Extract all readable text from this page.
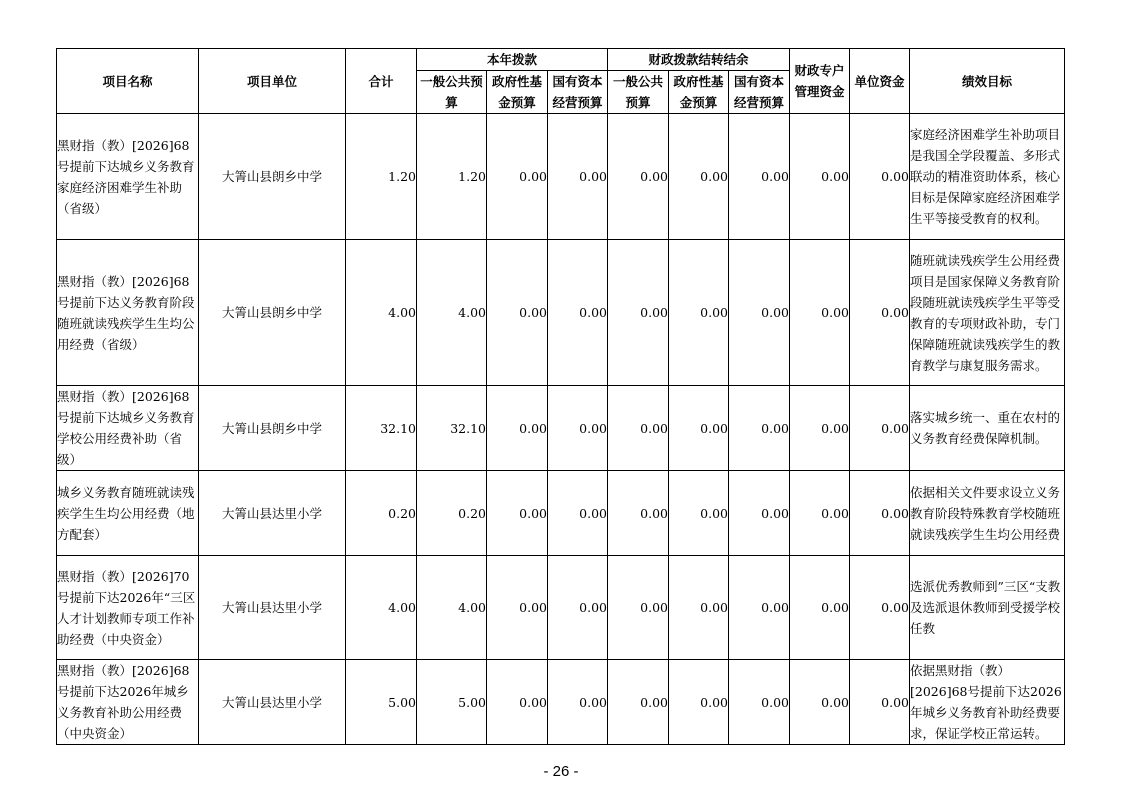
项目名称	项目单位	合计	本年拨款			财政拨款结转结余			财政专户管理资金	单位资金	绩效目标
			一般公共预算	政府性基金预算	国有资本经营预算	一般公共预算	政府性基金预算	国有资本经营预算			
黑财指（教）[2026]68号提前下达城乡义务教育家庭经济困难学生补助（省级）	大箐山县朗乡中学	1.20	1.20	0.00	0.00	0.00	0.00	0.00	0.00	0.00	家庭经济困难学生补助项目是我国全学段覆盖、多形式联动的精准资助体系，核心目标是保障家庭经济困难学生平等接受教育的权利。
黑财指（教）[2026]68号提前下达义务教育阶段随班就读残疾学生生均公用经费（省级）	大箐山县朗乡中学	4.00	4.00	0.00	0.00	0.00	0.00	0.00	0.00	0.00	随班就读残疾学生公用经费项目是国家保障义务教育阶段随班就读残疾学生平等受教育的专项财政补助，专门保障随班就读残疾学生的教育教学与康复服务需求。
黑财指（教）[2026]68号提前下达城乡义务教育学校公用经费补助（省级）	大箐山县朗乡中学	32.10	32.10	0.00	0.00	0.00	0.00	0.00	0.00	0.00	落实城乡统一、重在农村的义务教育经费保障机制。
城乡义务教育随班就读残疾学生生均公用经费（地方配套）	大箐山县达里小学	0.20	0.20	0.00	0.00	0.00	0.00	0.00	0.00	0.00	依据相关文件要求设立义务教育阶段特殊教育学校随班就读残疾学生生均公用经费
黑财指（教）[2026]70号提前下达2026年“三区人才计划教师专项工作补助经费（中央资金）	大箐山县达里小学	4.00	4.00	0.00	0.00	0.00	0.00	0.00	0.00	0.00	选派优秀教师到”三区“支教及选派退休教师到受援学校任教
黑财指（教）[2026]68号提前下达2026年城乡义务教育补助公用经费（中央资金）	大箐山县达里小学	5.00	5.00	0.00	0.00	0.00	0.00	0.00	0.00	0.00	依据黑财指（教）[2026]68号提前下达2026年城乡义务教育补助经费要求，保证学校正常运转。
- 26 -
